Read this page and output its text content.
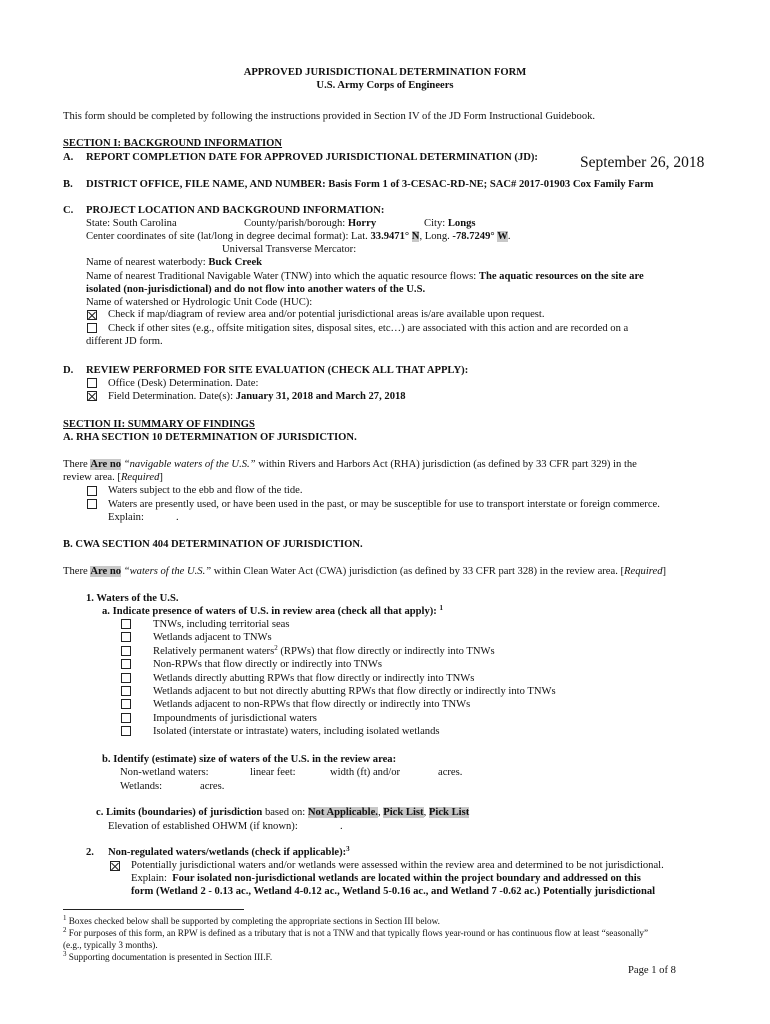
APPROVED JURISDICTIONAL DETERMINATION FORM
U.S. Army Corps of Engineers
This form should be completed by following the instructions provided in Section IV of the JD Form Instructional Guidebook.
SECTION I: BACKGROUND INFORMATION
A. REPORT COMPLETION DATE FOR APPROVED JURISDICTIONAL DETERMINATION (JD):	September 26, 2018
B. DISTRICT OFFICE, FILE NAME, AND NUMBER: Basis Form 1 of 3-CESAC-RD-NE; SAC# 2017-01903 Cox Family Farm
C. PROJECT LOCATION AND BACKGROUND INFORMATION:
State: South Carolina	County/parish/borough: Horry	City: Longs
Center coordinates of site (lat/long in degree decimal format): Lat. 33.9471° N, Long. -78.7249° W.
Universal Transverse Mercator:
Name of nearest waterbody: Buck Creek
Name of nearest Traditional Navigable Water (TNW) into which the aquatic resource flows: The aquatic resources on the site are
isolated (non-jurisdictional) and do not flow into another waters of the U.S.
Name of watershed or Hydrologic Unit Code (HUC):
Check if map/diagram of review area and/or potential jurisdictional areas is/are available upon request.
Check if other sites (e.g., offsite mitigation sites, disposal sites, etc…) are associated with this action and are recorded on a
different JD form.
D. REVIEW PERFORMED FOR SITE EVALUATION (CHECK ALL THAT APPLY):
Office (Desk) Determination. Date:
Field Determination. Date(s): January 31, 2018 and March 27, 2018
SECTION II: SUMMARY OF FINDINGS
A. RHA SECTION 10 DETERMINATION OF JURISDICTION.
There Are no “navigable waters of the U.S.” within Rivers and Harbors Act (RHA) jurisdiction (as defined by 33 CFR part 329) in the
review area. [Required]
Waters subject to the ebb and flow of the tide.
Waters are presently used, or have been used in the past, or may be susceptible for use to transport interstate or foreign commerce.
Explain:	.
B. CWA SECTION 404 DETERMINATION OF JURISDICTION.
There Are no “waters of the U.S.” within Clean Water Act (CWA) jurisdiction (as defined by 33 CFR part 328) in the review area. [Required]
1. Waters of the U.S.
a. Indicate presence of waters of U.S. in review area (check all that apply): $^1$
TNWs, including territorial seas
Wetlands adjacent to TNWs
Relatively permanent waters$^2$ (RPWs) that flow directly or indirectly into TNWs
Non-RPWs that flow directly or indirectly into TNWs
Wetlands directly abutting RPWs that flow directly or indirectly into TNWs
Wetlands adjacent to but not directly abutting RPWs that flow directly or indirectly into TNWs
Wetlands adjacent to non-RPWs that flow directly or indirectly into TNWs
Impoundments of jurisdictional waters
Isolated (interstate or intrastate) waters, including isolated wetlands
b. Identify (estimate) size of waters of the U.S. in the review area:
Non-wetland waters:	linear feet:	width (ft) and/or	acres.
Wetlands:	acres.
c. Limits (boundaries) of jurisdiction based on: Not Applicable., Pick List, Pick List
Elevation of established OHWM (if known):	.
2. Non-regulated waters/wetlands (check if applicable):$^3$
Potentially jurisdictional waters and/or wetlands were assessed within the review area and determined to be not jurisdictional.
Explain: Four isolated non-jurisdictional wetlands are located within the project boundary and addressed on this
form (Wetland 2 - 0.13 ac., Wetland 4-0.12 ac., Wetland 5-0.16 ac., and Wetland 7 -0.62 ac.) Potentially jurisdictional
$^1$ Boxes checked below shall be supported by completing the appropriate sections in Section III below.
$^2$ For purposes of this form, an RPW is defined as a tributary that is not a TNW and that typically flows year-round or has continuous flow at least “seasonally”
(e.g., typically 3 months).
$^3$ Supporting documentation is presented in Section III.F.
Page 1 of 8
